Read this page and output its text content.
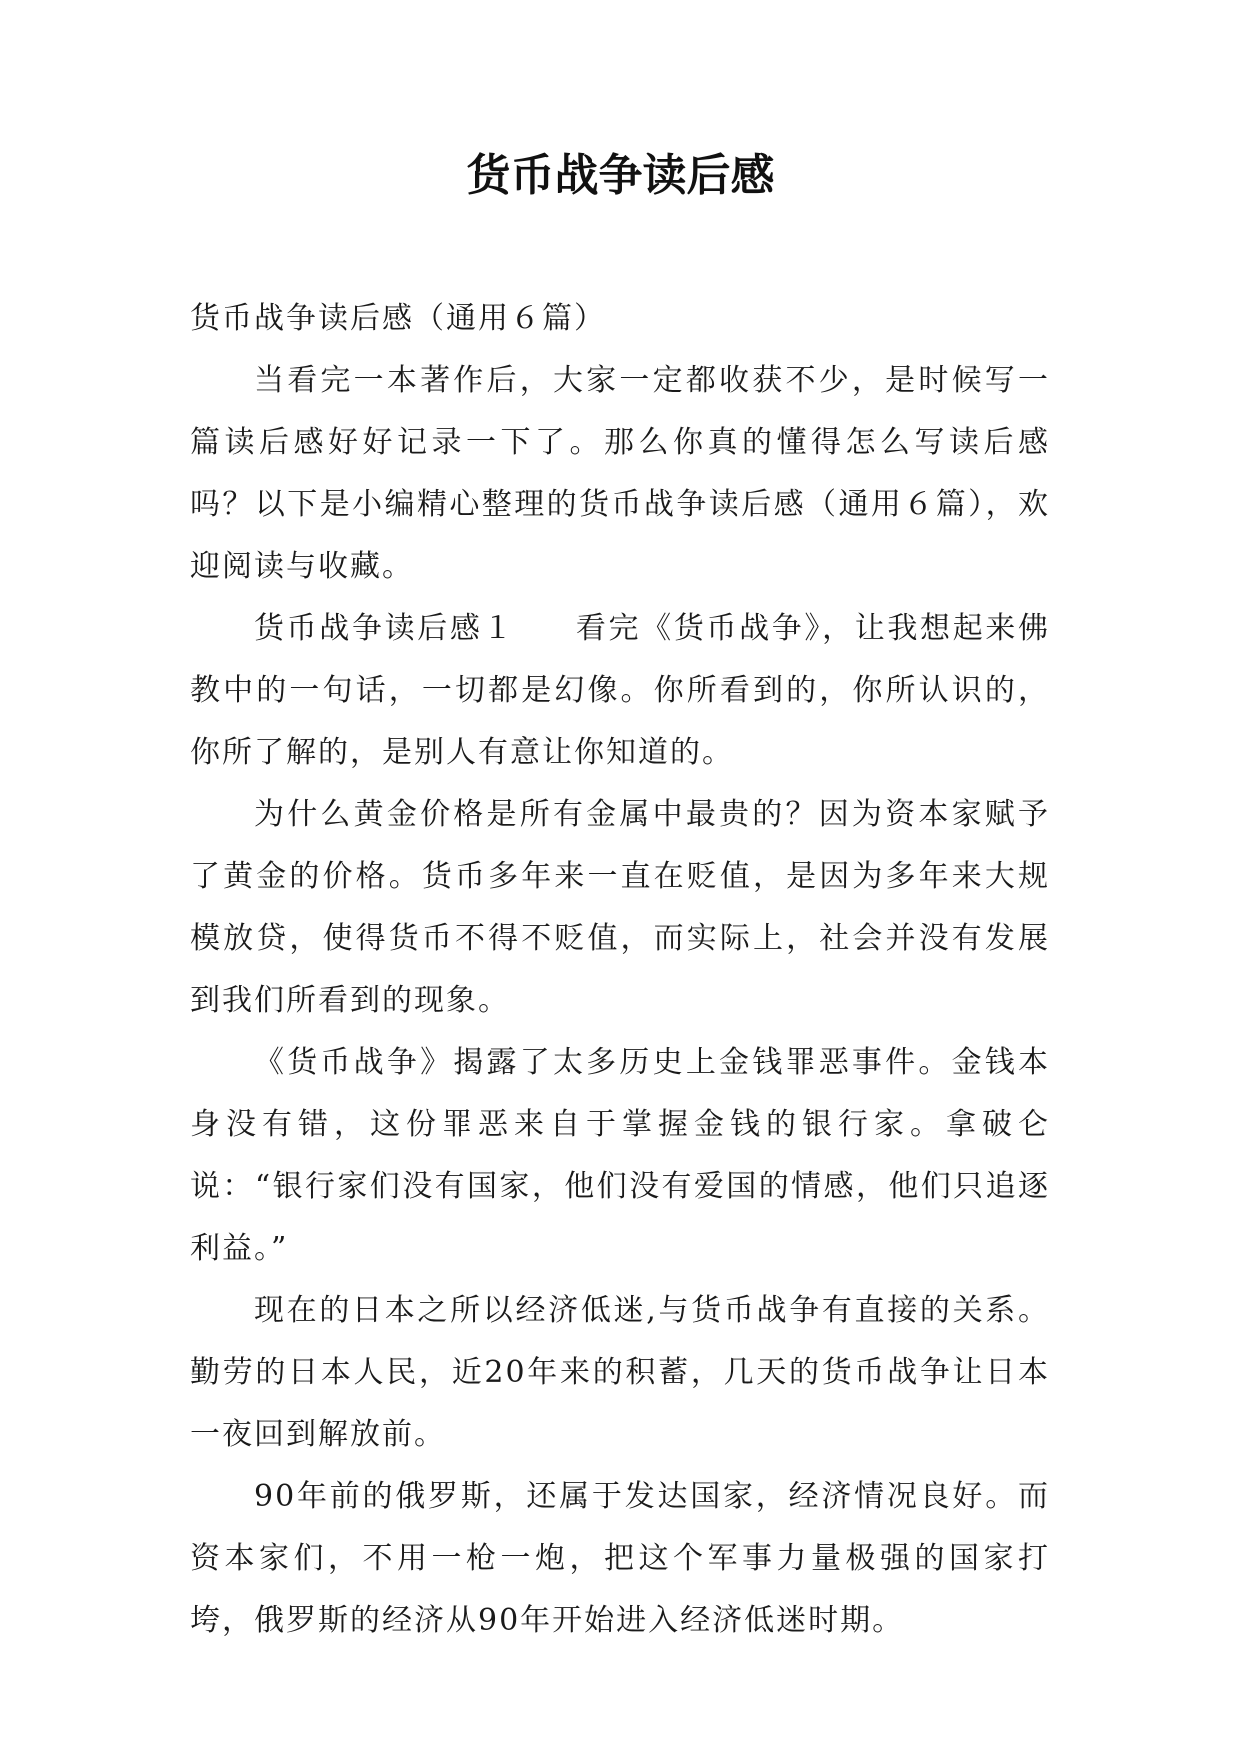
货币战争读后感

货币战争读后感（通用６篇）

当看完一本著作后，大家一定都收获不少，是时候写一篇读后感好好记录一下了。那么你真的懂得怎么写读后感吗？以下是小编精心整理的货币战争读后感（通用６篇），欢迎阅读与收藏。

货币战争读后感１ 看完《货币战争》，让我想起来佛教中的一句话，一切都是幻像。你所看到的，你所认识的，你所了解的，是别人有意让你知道的。

为什么黄金价格是所有金属中最贵的？因为资本家赋予了黄金的价格。货币多年来一直在贬值，是因为多年来大规模放贷，使得货币不得不贬值，而实际上，社会并没有发展到我们所看到的现象。

《货币战争》揭露了太多历史上金钱罪恶事件。金钱本身没有错，这份罪恶来自于掌握金钱的银行家。拿破仑说：“银行家们没有国家，他们没有爱国的情感，他们只追逐利益。”

现在的日本之所以经济低迷,与货币战争有直接的关系。勤劳的日本人民，近20年来的积蓄，几天的货币战争让日本一夜回到解放前。

90年前的俄罗斯，还属于发达国家，经济情况良好。而资本家们，不用一枪一炮，把这个军事力量极强的国家打垮，俄罗斯的经济从90年开始进入经济低迷时期。
